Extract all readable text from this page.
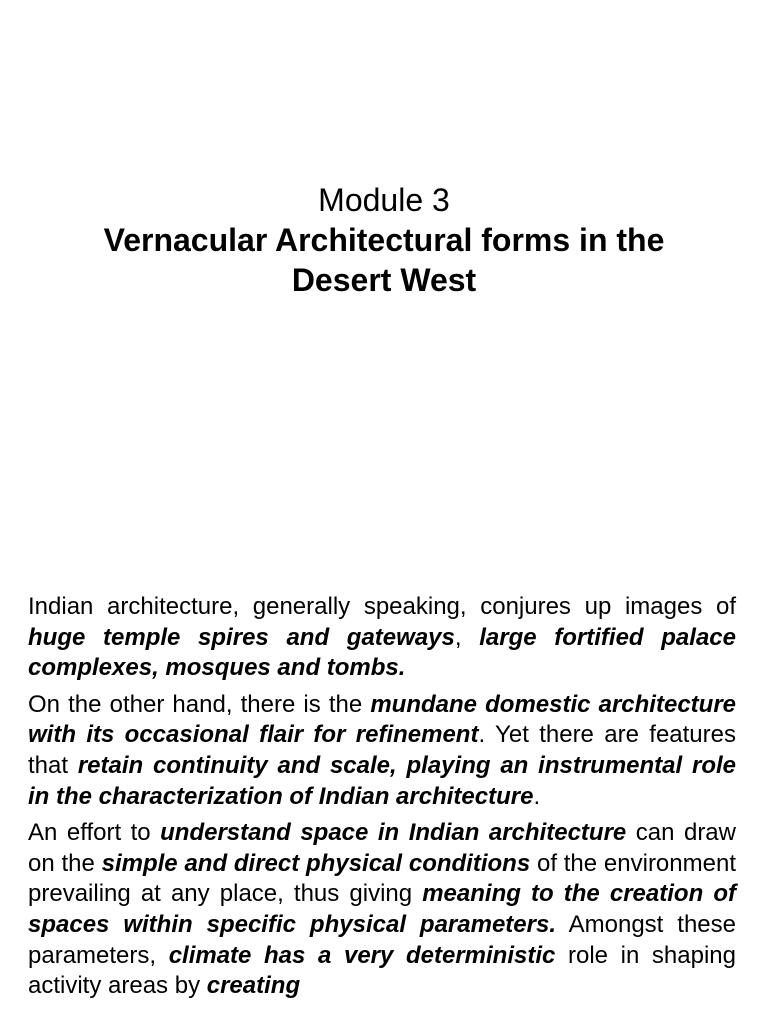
Module 3
Vernacular Architectural forms in the Desert West

Indian architecture, generally speaking, conjures up images of huge temple spires and gateways, large fortified palace complexes, mosques and tombs.

On the other hand, there is the mundane domestic architecture with its occasional flair for refinement. Yet there are features that retain continuity and scale, playing an instrumental role in the characterization of Indian architecture.

An effort to understand space in Indian architecture can draw on the simple and direct physical conditions of the environment prevailing at any place, thus giving meaning to the creation of spaces within specific physical parameters. Amongst these parameters, climate has a very deterministic role in shaping activity areas by creating
